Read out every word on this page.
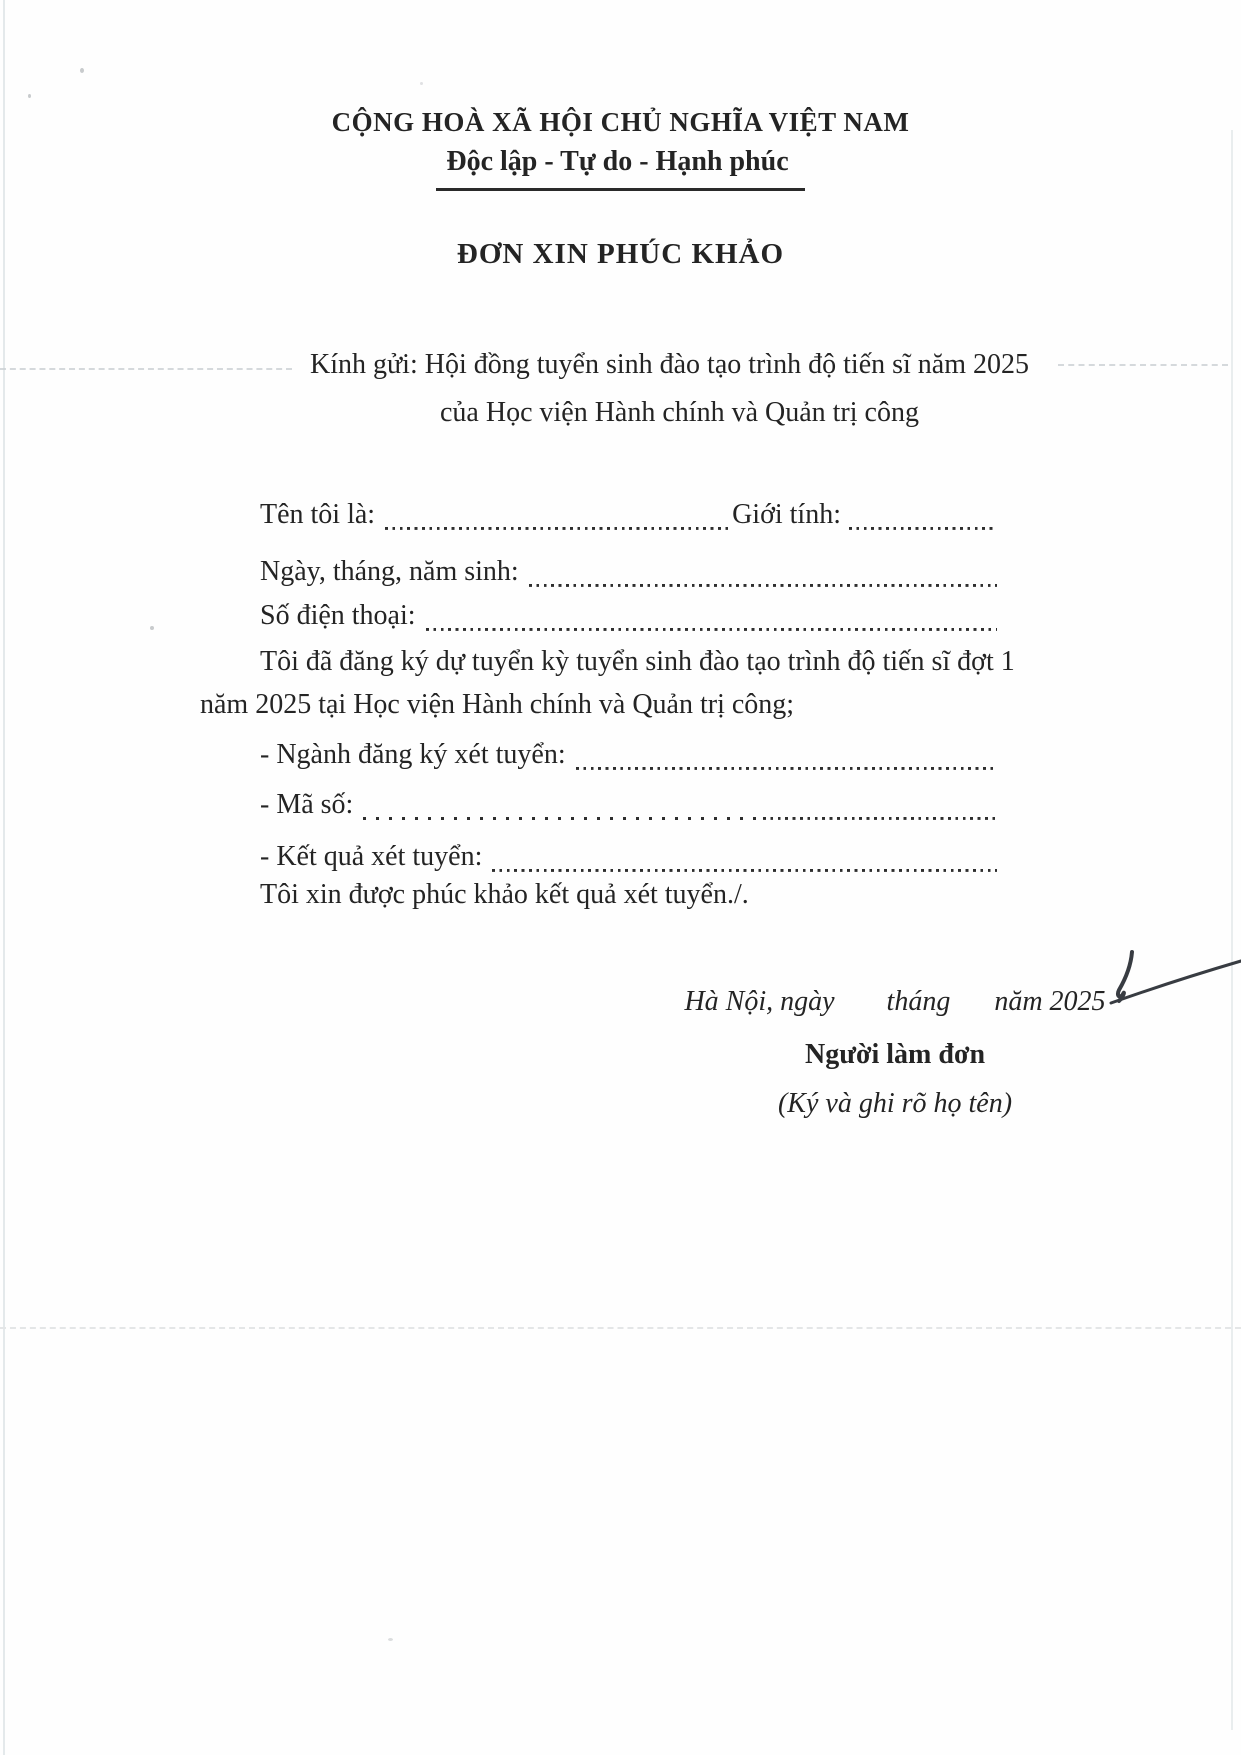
CỘNG HOÀ XÃ HỘI CHỦ NGHĨA VIỆT NAM
Độc lập - Tự do - Hạnh phúc
ĐƠN XIN PHÚC KHẢO
Kính gửi: Hội đồng tuyển sinh đào tạo trình độ tiến sĩ năm 2025
của Học viện Hành chính và Quản trị công
Tên tôi là:	Giới tính:
Ngày, tháng, năm sinh:
Số điện thoại:
Tôi đã đăng ký dự tuyển kỳ tuyển sinh đào tạo trình độ tiến sĩ đợt 1
năm 2025 tại Học viện Hành chính và Quản trị công;
- Ngành đăng ký xét tuyển:
- Mã số:
- Kết quả xét tuyển:
Tôi xin được phúc khảo kết quả xét tuyển./.
Hà Nội, ngày tháng năm 2025
Người làm đơn
(Ký và ghi rõ họ tên)
